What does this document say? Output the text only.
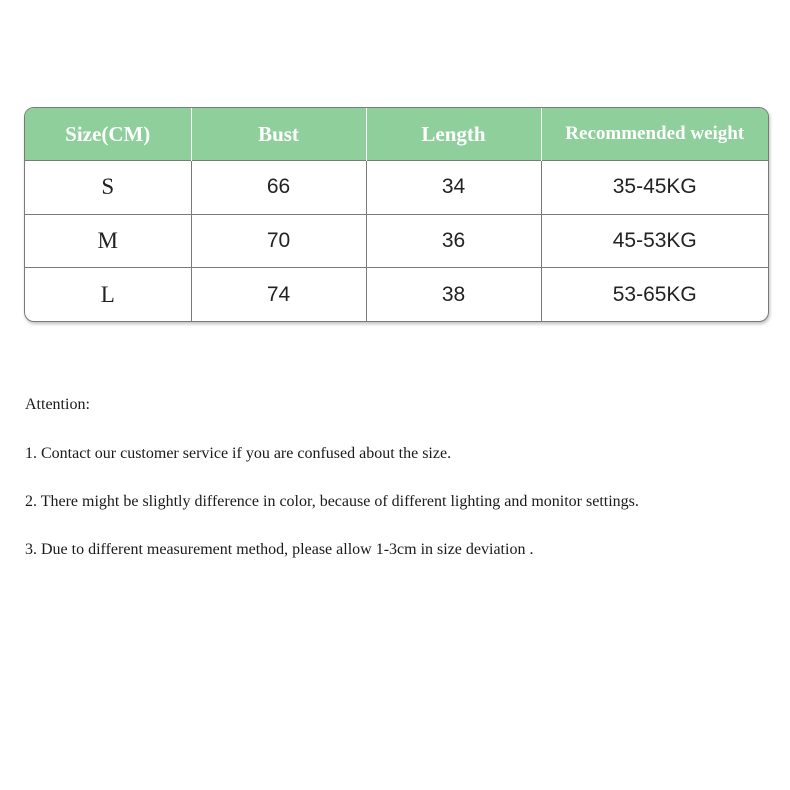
Size(CM)	Bust	Length	Recommended weight
S	66	34	35-45KG
M	70	36	45-53KG
L	74	38	53-65KG

Attention:

1. Contact our customer service if you are confused about the size.

2. There might be slightly difference in color, because of different lighting and monitor settings.

3. Due to different measurement method, please allow 1-3cm in size deviation .
